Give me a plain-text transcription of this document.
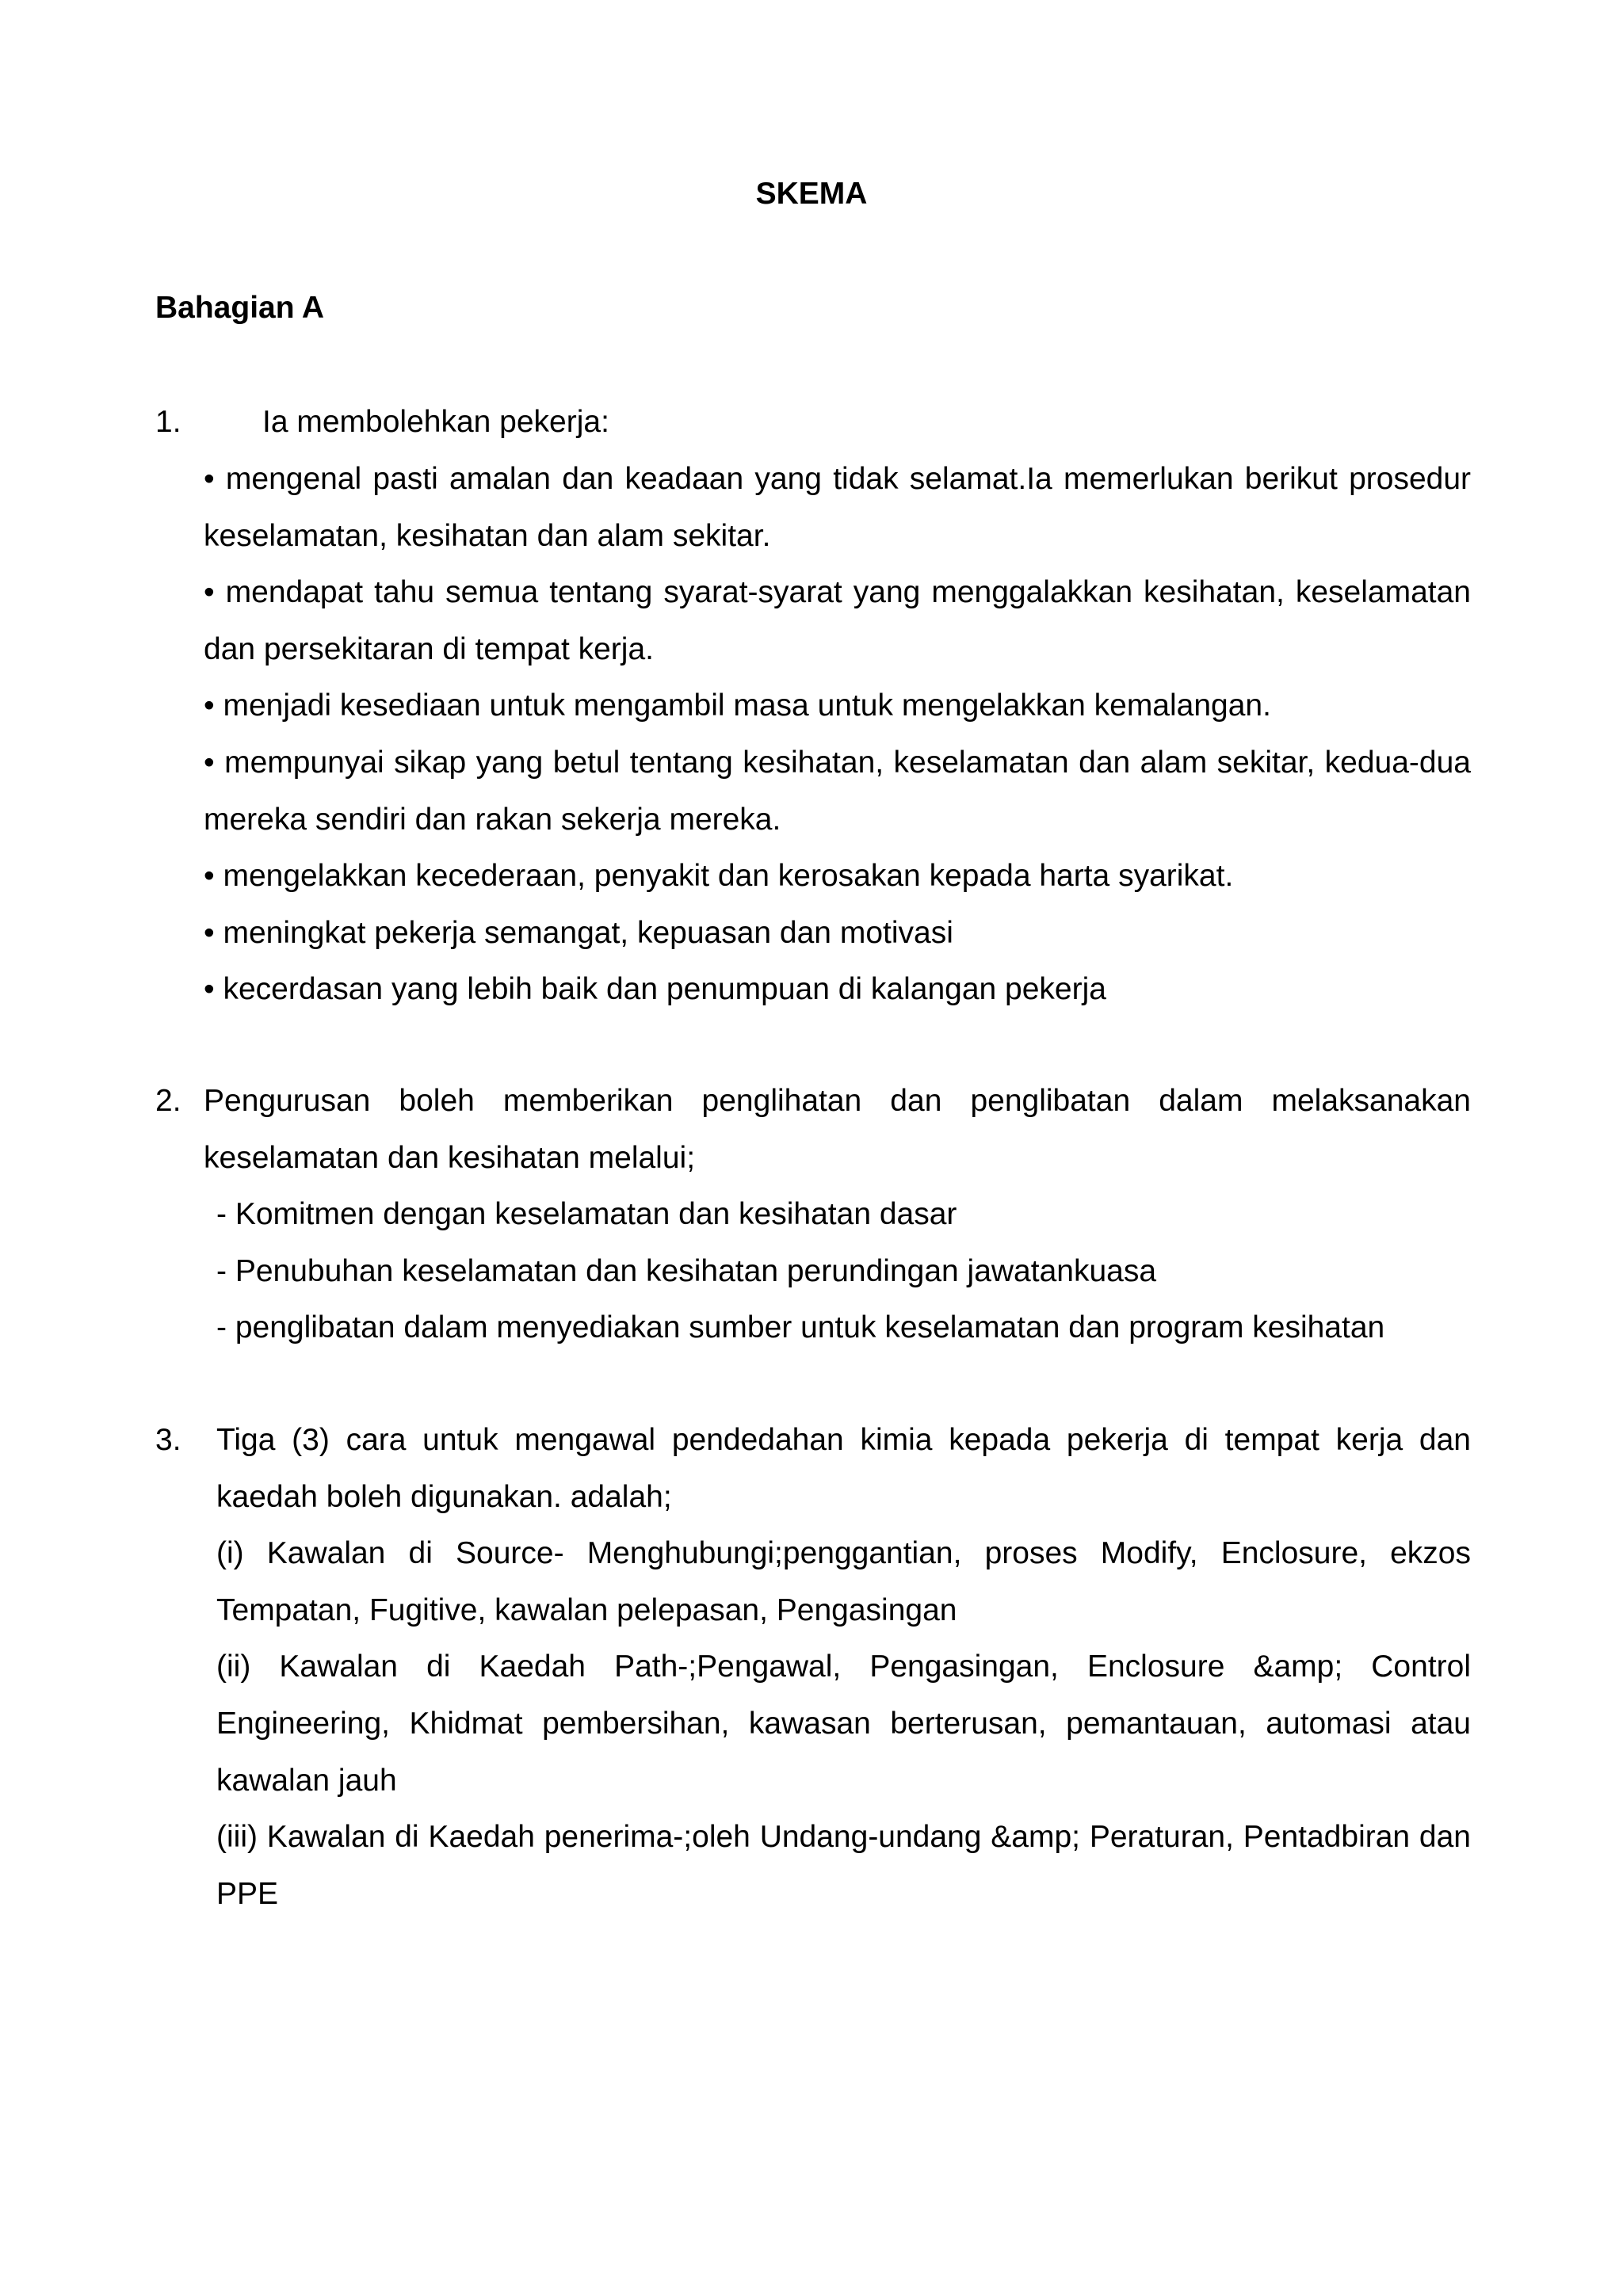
SKEMA
Bahagian A
1.	Ia membolehkan pekerja:

• mengenal pasti amalan dan keadaan yang tidak selamat.Ia memerlukan berikut prosedur keselamatan, kesihatan dan alam sekitar.

• mendapat tahu semua tentang syarat-syarat yang menggalakkan kesihatan, keselamatan dan persekitaran di tempat kerja.

• menjadi kesediaan untuk mengambil masa untuk mengelakkan kemalangan.

• mempunyai sikap yang betul tentang kesihatan, keselamatan dan alam sekitar, kedua-dua mereka sendiri dan rakan sekerja mereka.

• mengelakkan kecederaan, penyakit dan kerosakan kepada harta syarikat.

• meningkat pekerja semangat, kepuasan dan motivasi

• kecerdasan yang lebih baik dan penumpuan di kalangan pekerja

2. Pengurusan boleh memberikan penglihatan dan penglibatan dalam melaksanakan keselamatan dan kesihatan melalui;

- Komitmen dengan keselamatan dan kesihatan dasar

- Penubuhan keselamatan dan kesihatan perundingan jawatankuasa

- penglibatan dalam menyediakan sumber untuk keselamatan dan program kesihatan

3. Tiga (3) cara untuk mengawal pendedahan kimia kepada pekerja di tempat kerja dan kaedah boleh digunakan. adalah;

(i) Kawalan di Source- Menghubungi;penggantian, proses Modify, Enclosure, ekzos Tempatan, Fugitive, kawalan pelepasan, Pengasingan

(ii) Kawalan di Kaedah Path-;Pengawal, Pengasingan, Enclosure &amp; Control Engineering, Khidmat pembersihan, kawasan berterusan, pemantauan, automasi atau kawalan jauh

(iii) Kawalan di Kaedah penerima-;oleh Undang-undang &amp; Peraturan, Pentadbiran dan PPE
